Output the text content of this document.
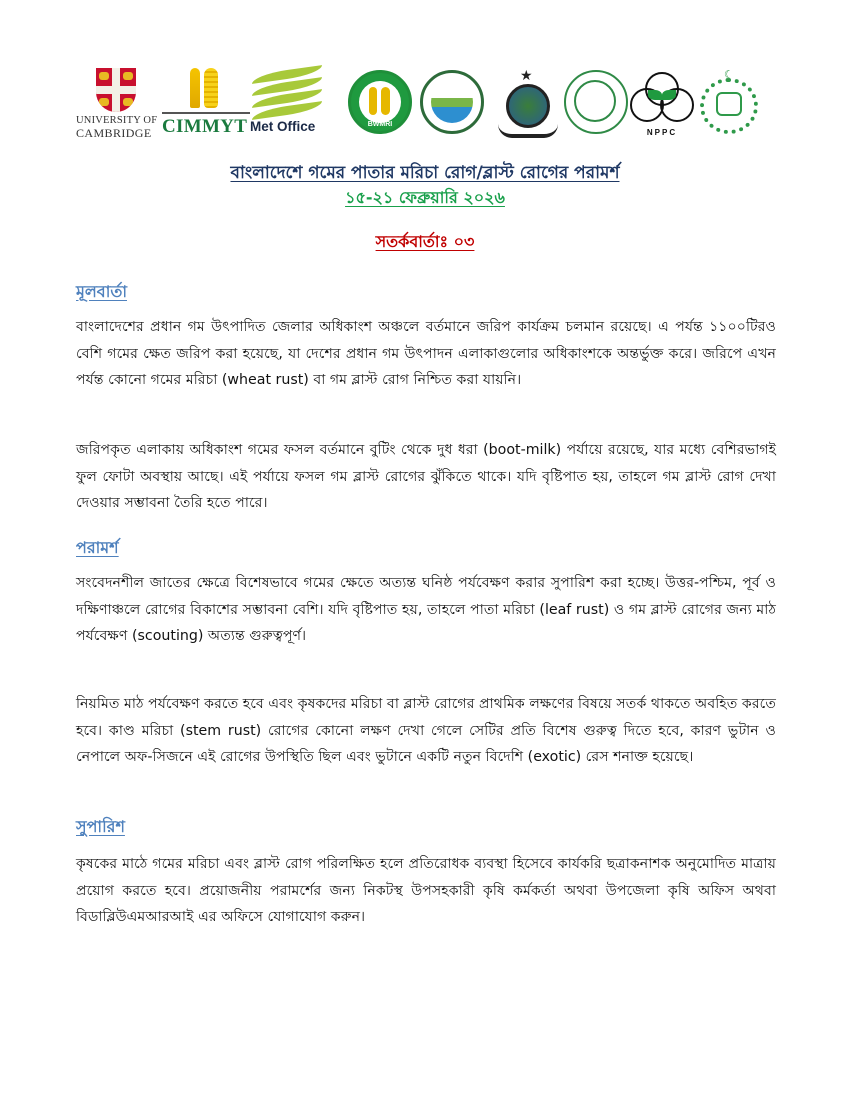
UNIVERSITY OF
CAMBRIDGE CIMMYT Met Office	BWMRI
★
NPPC
☾
বাংলাদেশে গমের পাতার মরিচা রোগ/ব্লাস্ট রোগের পরামর্শ
১৫-২১ ফেব্রুয়ারি ২০২৬
সতর্কবার্তাঃ ০৩
মূলবার্তা
বাংলাদেশের প্রধান গম উৎপাদিত জেলার অধিকাংশ অঞ্চলে বর্তমানে জরিপ কার্যক্রম চলমান রয়েছে। এ পর্যন্ত ১১০০টিরও বেশি গমের ক্ষেত জরিপ করা হয়েছে, যা দেশের প্রধান গম উৎপাদন এলাকাগুলোর অধিকাংশকে অন্তর্ভুক্ত করে। জরিপে এখন পর্যন্ত কোনো গমের মরিচা (wheat rust) বা গম ব্লাস্ট রোগ নিশ্চিত করা যায়নি।
জরিপকৃত এলাকায় অধিকাংশ গমের ফসল বর্তমানে বুটিং থেকে দুধ ধরা (boot-milk) পর্যায়ে রয়েছে, যার মধ্যে বেশিরভাগই ফুল ফোটা অবস্থায় আছে। এই পর্যায়ে ফসল গম ব্লাস্ট রোগের ঝুঁকিতে থাকে। যদি বৃষ্টিপাত হয়, তাহলে গম ব্লাস্ট রোগ দেখা দেওয়ার সম্ভাবনা তৈরি হতে পারে।
পরামর্শ
সংবেদনশীল জাতের ক্ষেত্রে বিশেষভাবে গমের ক্ষেতে অত্যন্ত ঘনিষ্ঠ পর্যবেক্ষণ করার সুপারিশ করা হচ্ছে। উত্তর-পশ্চিম, পূর্ব ও দক্ষিণাঞ্চলে রোগের বিকাশের সম্ভাবনা বেশি। যদি বৃষ্টিপাত হয়, তাহলে পাতা মরিচা (leaf rust) ও গম ব্লাস্ট রোগের জন্য মাঠ পর্যবেক্ষণ (scouting) অত্যন্ত গুরুত্বপূর্ণ।
নিয়মিত মাঠ পর্যবেক্ষণ করতে হবে এবং কৃষকদের মরিচা বা ব্লাস্ট রোগের প্রাথমিক লক্ষণের বিষয়ে সতর্ক থাকতে অবহিত করতে হবে। কাণ্ড মরিচা (stem rust) রোগের কোনো লক্ষণ দেখা গেলে সেটির প্রতি বিশেষ গুরুত্ব দিতে হবে, কারণ ভুটান ও নেপালে অফ-সিজনে এই রোগের উপস্থিতি ছিল এবং ভুটানে একটি নতুন বিদেশি (exotic) রেস শনাক্ত হয়েছে।
সুপারিশ
কৃষকের মাঠে গমের মরিচা এবং ব্লাস্ট রোগ পরিলক্ষিত হলে প্রতিরোধক ব্যবস্থা হিসেবে কার্যকরি ছত্রাকনাশক অনুমোদিত মাত্রায় প্রয়োগ করতে হবে। প্রয়োজনীয় পরামর্শের জন্য নিকটস্থ উপসহকারী কৃষি কর্মকর্তা অথবা উপজেলা কৃষি অফিস অথবা বিডাব্লিউএমআরআই এর অফিসে যোগাযোগ করুন।
